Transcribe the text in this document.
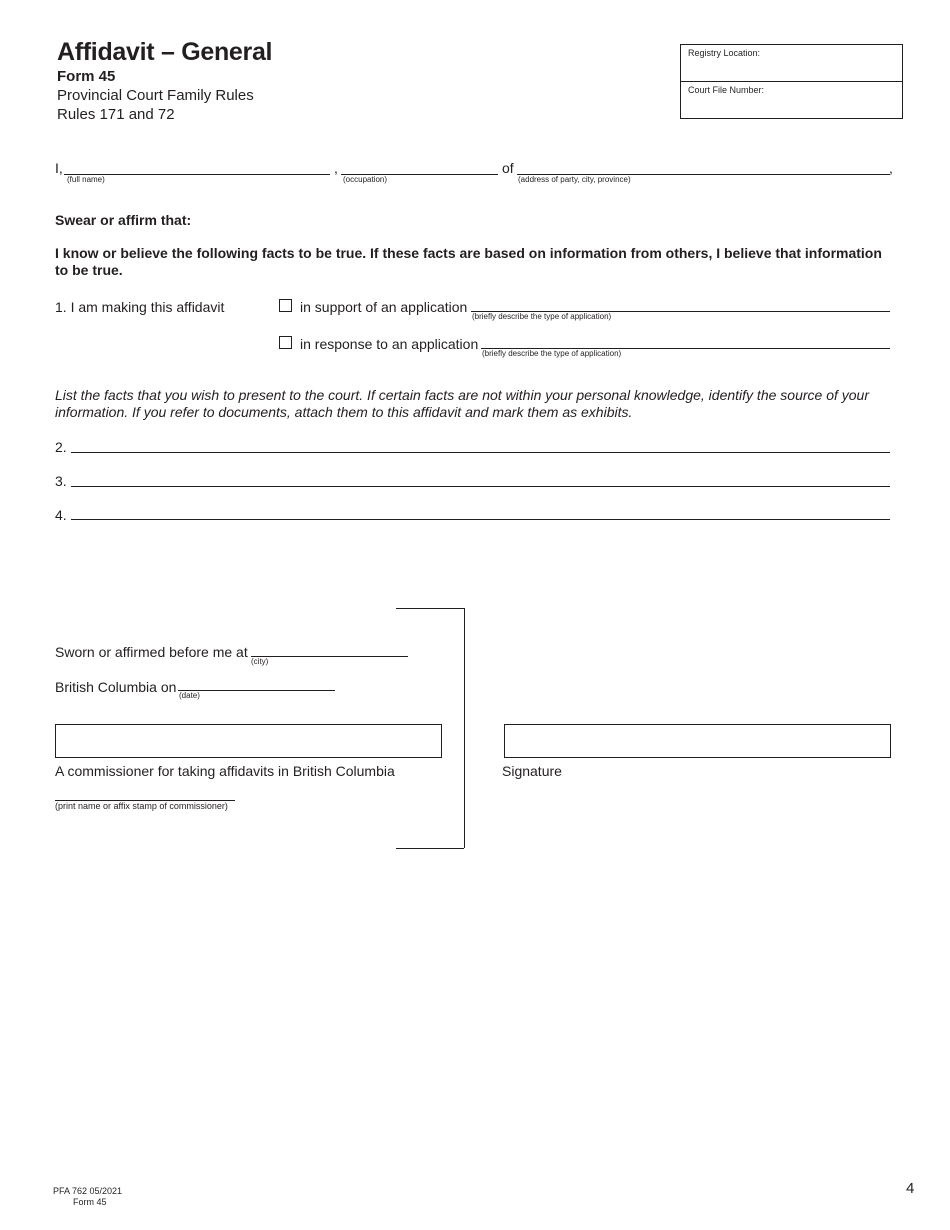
Affidavit – General
Form 45
Provincial Court Family Rules
Rules 171 and 72
Registry Location:
Court File Number:
I,
(full name)
,
(occupation)
of
(address of party, city, province)
,
Swear or affirm that:
I know or believe the following facts to be true. If these facts are based on information from others, I believe that information to be true.
1. I am making this affidavit	in support of an application
(briefly describe the type of application)
in response to an application
(briefly describe the type of application)
List the facts that you wish to present to the court. If certain facts are not within your personal knowledge, identify the source of your information. If you refer to documents, attach them to this affidavit and mark them as exhibits.
2.
3.
4.
Sworn or affirmed before me at
(city)
British Columbia on
(date)
A commissioner for taking affidavits in British Columbia
(print name or affix stamp of commissioner)
Signature
PFA 762 05/2021
Form 45
4
